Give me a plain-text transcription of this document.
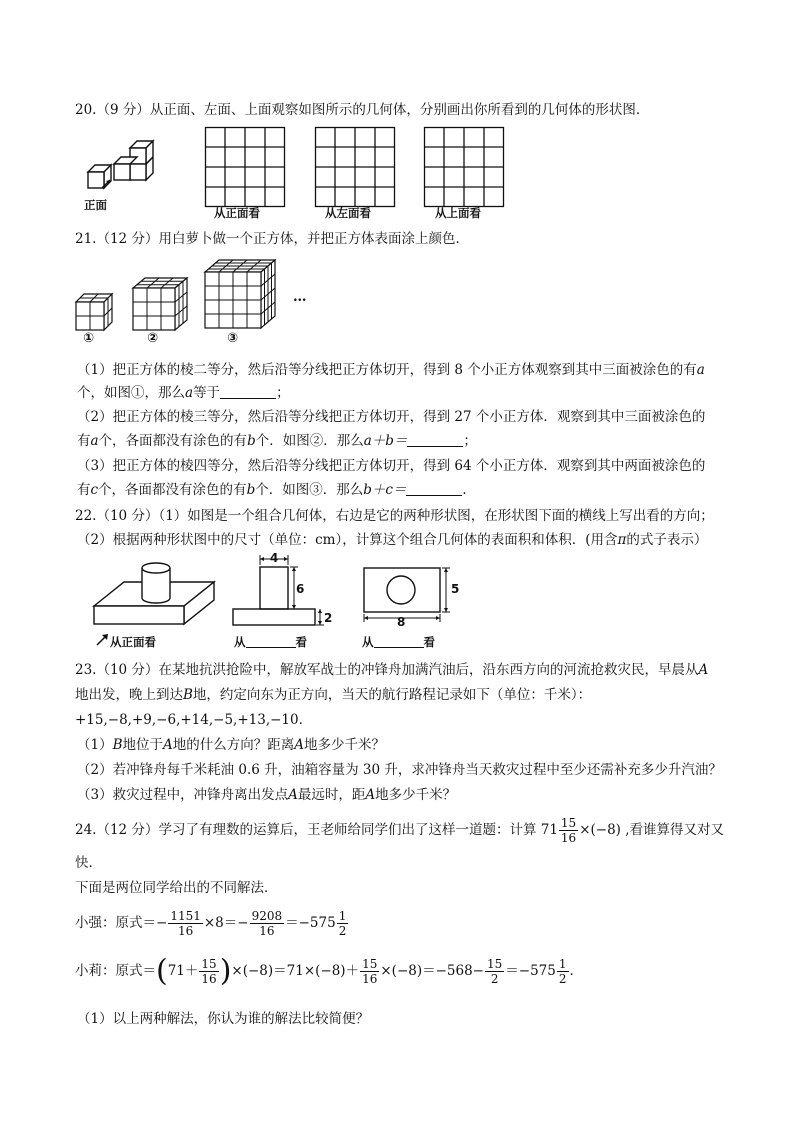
20.（9 分）从正面、左面、上面观察如图所示的几何体，分别画出你所看到的几何体的形状图．
正面
从正面看	从左面看	从上面看
21.（12 分）用白萝卜做一个正方体，并把正方体表面涂上颜色．
…
①	②	③
（1）把正方体的棱二等分，然后沿等分线把正方体切开，得到 8 个小正方体观察到其中三面被涂色的有a
个，如图①，那么a等于	；
（2）把正方体的棱三等分，然后沿等分线把正方体切开，得到 27 个小正方体．观察到其中三面被涂色的
有a个，各面都没有涂色的有b个．如图②．那么a＋b＝	；
（3）把正方体的棱四等分，然后沿等分线把正方体切开，得到 64 个小正方体．观察到其中两面被涂色的
有c个，各面都没有涂色的有b个．如图③．那么b＋c＝	．
22.（10 分）（1）如图是一个组合几何体，右边是它的两种形状图，在形状图下面的横线上写出看的方向；
（2）根据两种形状图中的尺寸（单位：cm），计算这个组合几何体的表面积和体积．(用含π的式子表示）
从正面看
4
6
2
从	看
5
8
从	看
23.（10 分）在某地抗洪抢险中，解放军战士的冲锋舟加满汽油后，沿东西方向的河流抢救灾民，早晨从A
地出发，晚上到达B地，约定向东为正方向，当天的航行路程记录如下（单位：千米）：
+15,−8,+9,−6,+14,−5,+13,−10．
（1）B地位于A地的什么方向？距离A地多少千米？
（2）若冲锋舟每千米耗油 0.6 升，油箱容量为 30 升，求冲锋舟当天救灾过程中至少还需补充多少升汽油？
（3）救灾过程中，冲锋舟离出发点A最远时，距A地多少千米？
24.（12 分）学习了有理数的运算后，王老师给同学们出了这样一道题：计算 $71 \frac{15}{16} \times(-8)$ ,看谁算得又对又
快．
下面是两位同学给出的不同解法．
小强：原式＝− $\frac{1151}{16} \times 8=- \frac{9208}{16} =-575 \frac{1}{2}$
小莉：原式$=(71+ \frac{15}{16} )\times(-8)=71\times(-8)+ \frac{15}{16} \times(-8)=-568- \frac{15}{2} =-575 \frac{1}{2}$ ．
（1）以上两种解法，你认为谁的解法比较简便？
